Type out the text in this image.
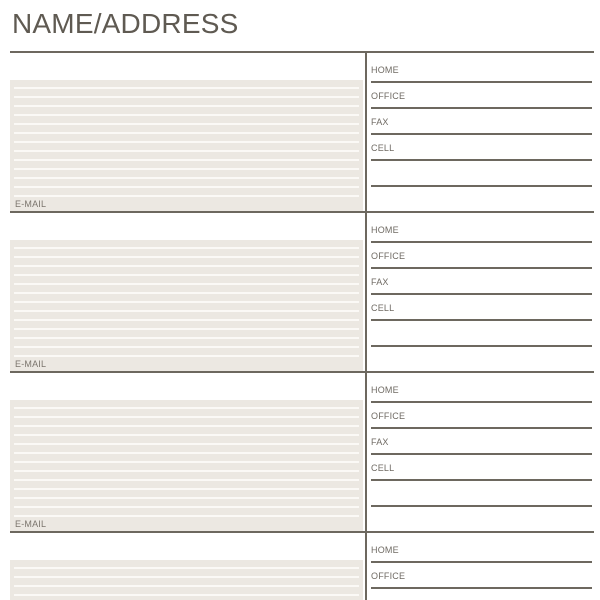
NAME/ADDRESS
E-MAIL
HOME
OFFICE
FAX
CELL
E-MAIL
HOME
OFFICE
FAX
CELL
E-MAIL
HOME
OFFICE
FAX
CELL
HOME
OFFICE
